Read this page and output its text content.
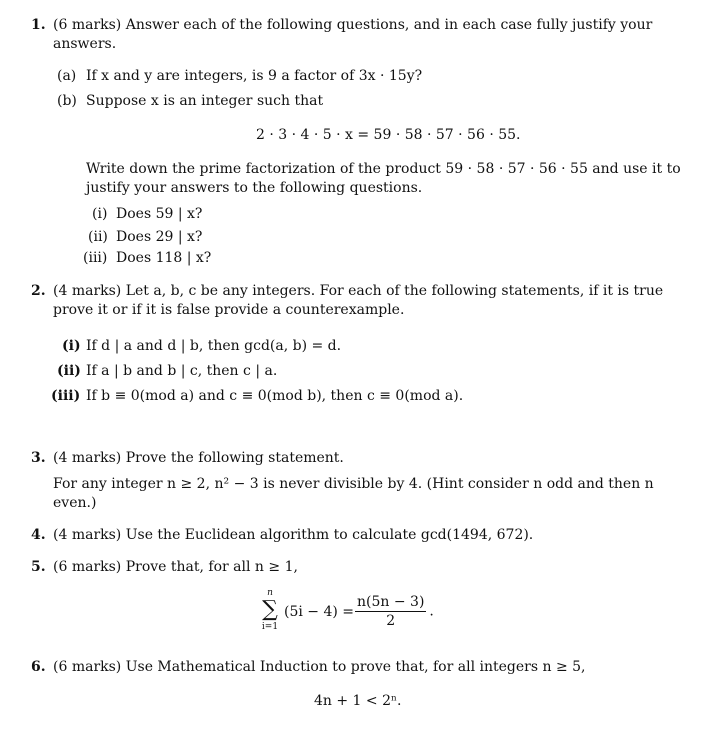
1. (6 marks) Answer each of the following questions, and in each case fully justify your
answers.
(a) If x and y are integers, is 9 a factor of 3x · 15y?
(b) Suppose x is an integer such that
2 · 3 · 4 · 5 · x = 59 · 58 · 57 · 56 · 55.
Write down the prime factorization of the product 59 · 58 · 57 · 56 · 55 and use it to
justify your answers to the following questions.
(i) Does 59 | x?
(ii) Does 29 | x?
(iii) Does 118 | x?
2. (4 marks) Let a, b, c be any integers. For each of the following statements, if it is true
prove it or if it is false provide a counterexample.
(i) If d | a and d | b, then gcd(a, b) = d.
(ii) If a | b and b | c, then c | a.
(iii) If b ≡ 0(mod a) and c ≡ 0(mod b), then c ≡ 0(mod a).
3. (4 marks) Prove the following statement.
For any integer n ≥ 2, n² − 3 is never divisible by 4. (Hint consider n odd and then n
even.)
4. (4 marks) Use the Euclidean algorithm to calculate gcd(1494, 672).
5. (6 marks) Prove that, for all n ≥ 1,
n
∑
i=1
$(5i - 4) = \frac{n(5n - 3)}{2}$ .
6. (6 marks) Use Mathematical Induction to prove that, for all integers n ≥ 5,
4n + 1 < 2ⁿ.
